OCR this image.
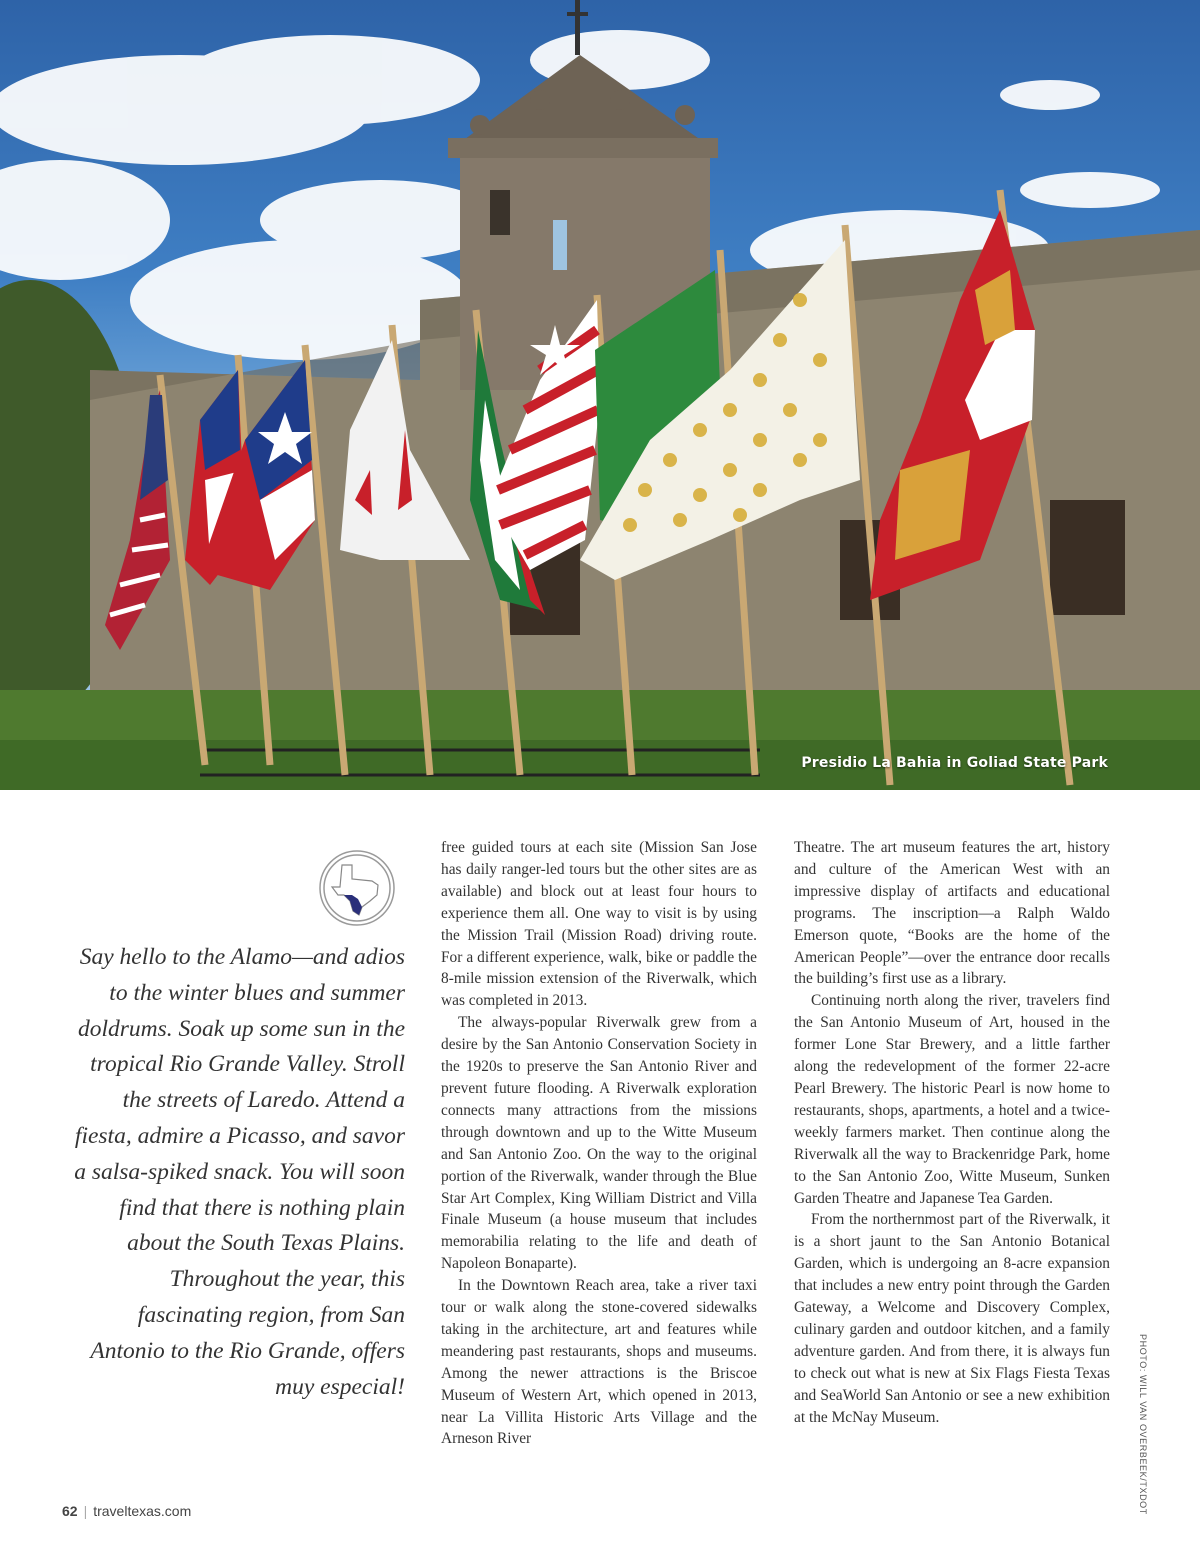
Presidio La Bahia in Goliad State Park
Say hello to the Alamo—and adios to the winter blues and summer doldrums. Soak up some sun in the tropical Rio Grande Valley. Stroll the streets of Laredo. Attend a fiesta, admire a Picasso, and savor a salsa-spiked snack. You will soon find that there is nothing plain about the South Texas Plains. Throughout the year, this fascinating region, from San Antonio to the Rio Grande, offers muy especial!

free guided tours at each site (Mission San Jose has daily ranger-led tours but the other sites are as available) and block out at least four hours to experience them all. One way to visit is by using the Mission Trail (Mission Road) driving route. For a different experience, walk, bike or paddle the 8-mile mission extension of the Riverwalk, which was completed in 2013.

The always-popular Riverwalk grew from a desire by the San Antonio Conservation Society in the 1920s to preserve the San Antonio River and prevent future flooding. A Riverwalk exploration connects many attractions from the missions through downtown and up to the Witte Museum and San Antonio Zoo. On the way to the original portion of the Riverwalk, wander through the Blue Star Art Complex, King William District and Villa Finale Museum (a house museum that includes memorabilia relating to the life and death of Napoleon Bonaparte).

In the Downtown Reach area, take a river taxi tour or walk along the stone-covered sidewalks taking in the architecture, art and features while meandering past restaurants, shops and museums. Among the newer attractions is the Briscoe Museum of Western Art, which opened in 2013, near La Villita Historic Arts Village and the Arneson River

Theatre. The art museum features the art, history and culture of the American West with an impressive display of artifacts and educational programs. The inscription—a Ralph Waldo Emerson quote, “Books are the home of the American People”—over the entrance door recalls the building’s first use as a library.

Continuing north along the river, travelers find the San Antonio Museum of Art, housed in the former Lone Star Brewery, and a little farther along the redevelopment of the former 22-acre Pearl Brewery. The historic Pearl is now home to restaurants, shops, apartments, a hotel and a twice-weekly farmers market. Then continue along the Riverwalk all the way to Brackenridge Park, home to the San Antonio Zoo, Witte Museum, Sunken Garden Theatre and Japanese Tea Garden.

From the northernmost part of the Riverwalk, it is a short jaunt to the San Antonio Botanical Garden, which is undergoing an 8-acre expansion that includes a new entry point through the Garden Gateway, a Welcome and Discovery Complex, culinary garden and outdoor kitchen, and a family adventure garden. And from there, it is always fun to check out what is new at Six Flags Fiesta Texas and SeaWorld San Antonio or see a new exhibition at the McNay Museum.	PHOTO: WILL VAN OVERBEEK/TXDOT
62 | traveltexas.com
